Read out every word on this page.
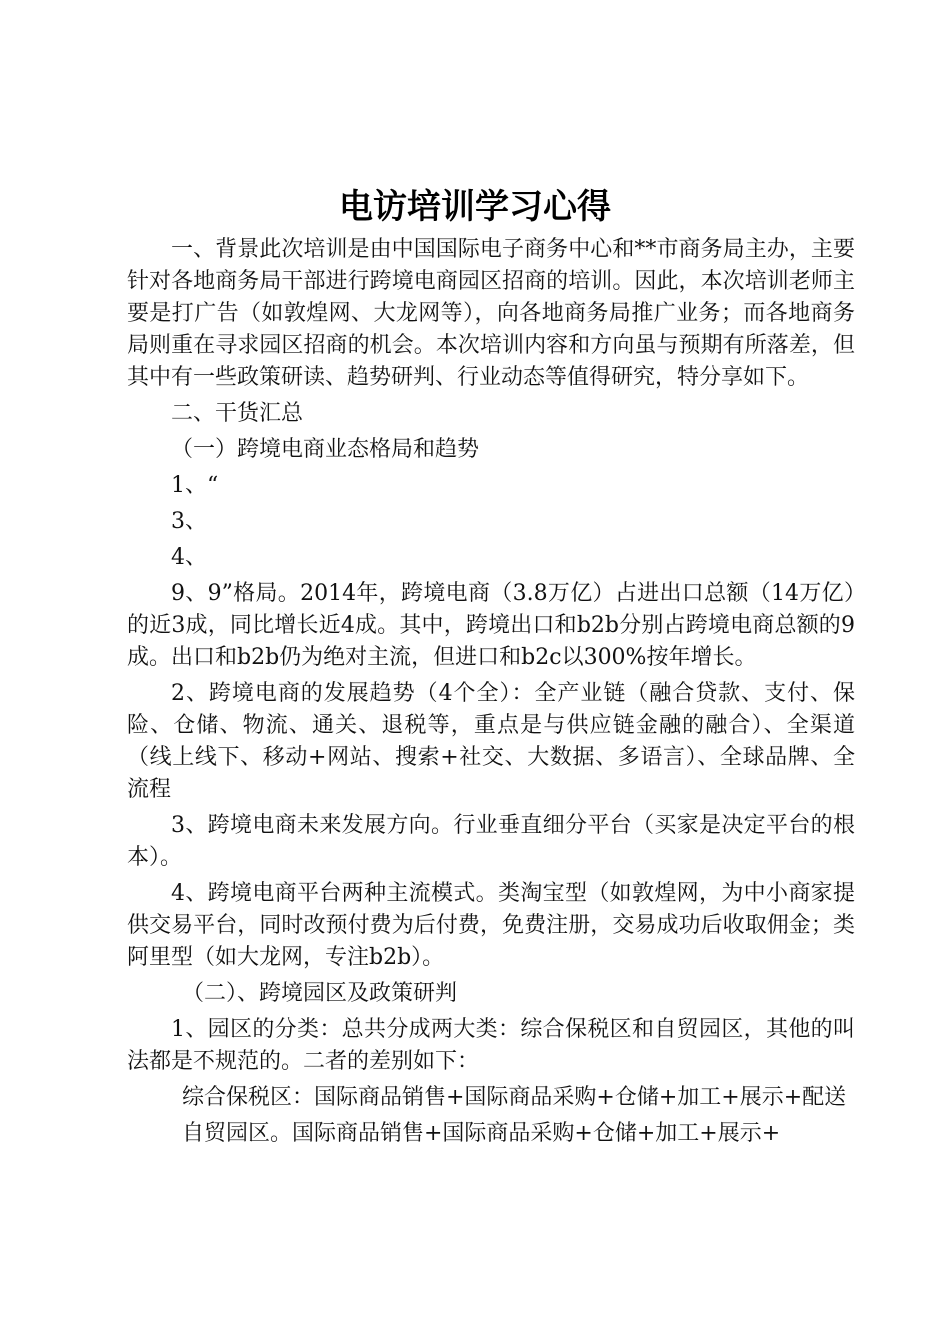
电访培训学习心得

一、背景此次培训是由中国国际电子商务中心和**市商务局主办，主要针对各地商务局干部进行跨境电商园区招商的培训。因此，本次培训老师主要是打广告（如敦煌网、大龙网等），向各地商务局推广业务；而各地商务局则重在寻求园区招商的机会。本次培训内容和方向虽与预期有所落差，但其中有一些政策研读、趋势研判、行业动态等值得研究，特分享如下。

二、干货汇总

（一）跨境电商业态格局和趋势

1、“

3、

4、

9、9”格局。2014年，跨境电商（3.8万亿）占进出口总额（14万亿）的近3成，同比增长近4成。其中，跨境出口和b2b分别占跨境电商总额的9成。出口和b2b仍为绝对主流，但进口和b2c以300%按年增长。

2、跨境电商的发展趋势（4个全）：全产业链（融合贷款、支付、保险、仓储、物流、通关、退税等，重点是与供应链金融的融合）、全渠道（线上线下、移动+网站、搜索+社交、大数据、多语言）、全球品牌、全流程

3、跨境电商未来发展方向。行业垂直细分平台（买家是决定平台的根本）。

4、跨境电商平台两种主流模式。类淘宝型（如敦煌网，为中小商家提供交易平台，同时改预付费为后付费，免费注册，交易成功后收取佣金；类阿里型（如大龙网，专注b2b）。

（二）、跨境园区及政策研判

1、园区的分类：总共分成两大类：综合保税区和自贸园区，其他的叫法都是不规范的。二者的差别如下：

综合保税区：国际商品销售+国际商品采购+仓储+加工+展示+配送

自贸园区。国际商品销售+国际商品采购+仓储+加工+展示+
